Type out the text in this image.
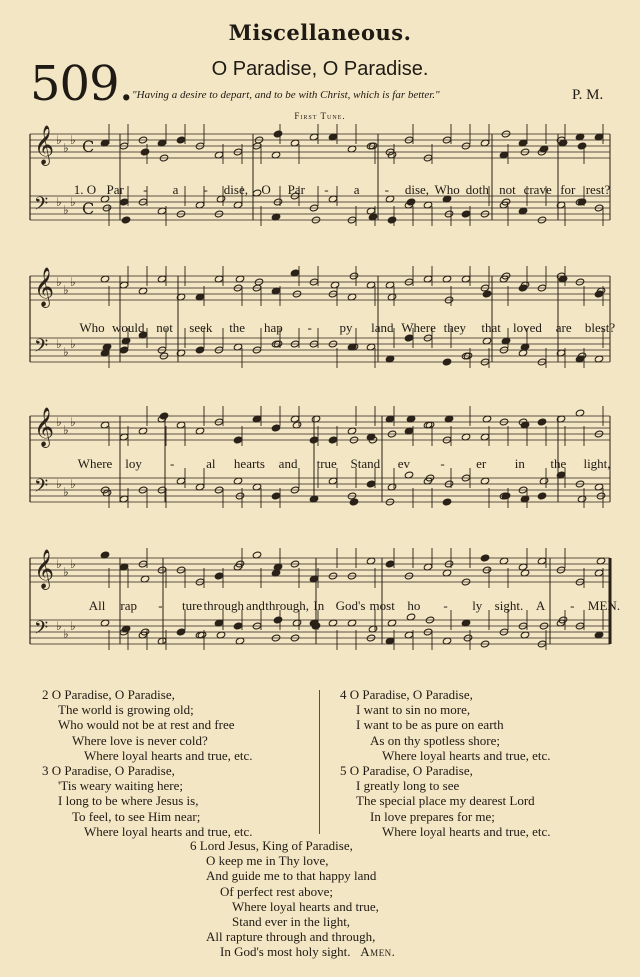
Miscellaneous.
509.	O Paradise, O Paradise.
"Having a desire to depart, and to be with Christ, which is far better."	P. M.
First Tune.
𝄞 ♭
♭
♭ C
𝄢 ♭
♭
♭ C
𝄞 ♭
♭
♭
𝄢 ♭
♭
♭
𝄞 ♭
♭
♭
𝄢 ♭
♭
♭
𝄞 ♭
♭
♭
𝄢 ♭
♭
♭
1. O Par - a - dise, O Par - a - dise, Who doth not crave for rest?
Who would not seek the hap - py land Where they that loved are blest?
Where loy - al hearts and true Stand ev - er in the light,
All rap - ture through and through, In God's most ho - ly sight. A - MEN.
2 O Paradise, O Paradise,
The world is growing old;
Who would not be at rest and free
Where love is never cold?
Where loyal hearts and true, etc.
3 O Paradise, O Paradise,
'Tis weary waiting here;
I long to be where Jesus is,
To feel, to see Him near;
Where loyal hearts and true, etc.
4 O Paradise, O Paradise,
I want to sin no more,
I want to be as pure on earth
As on thy spotless shore;
Where loyal hearts and true, etc.
5 O Paradise, O Paradise,
I greatly long to see
The special place my dearest Lord
In love prepares for me;
Where loyal hearts and true, etc.
6 Lord Jesus, King of Paradise,
O keep me in Thy love,
And guide me to that happy land
Of perfect rest above;
Where loyal hearts and true,
Stand ever in the light,
All rapture through and through,
In God's most holy sight. Amen.
